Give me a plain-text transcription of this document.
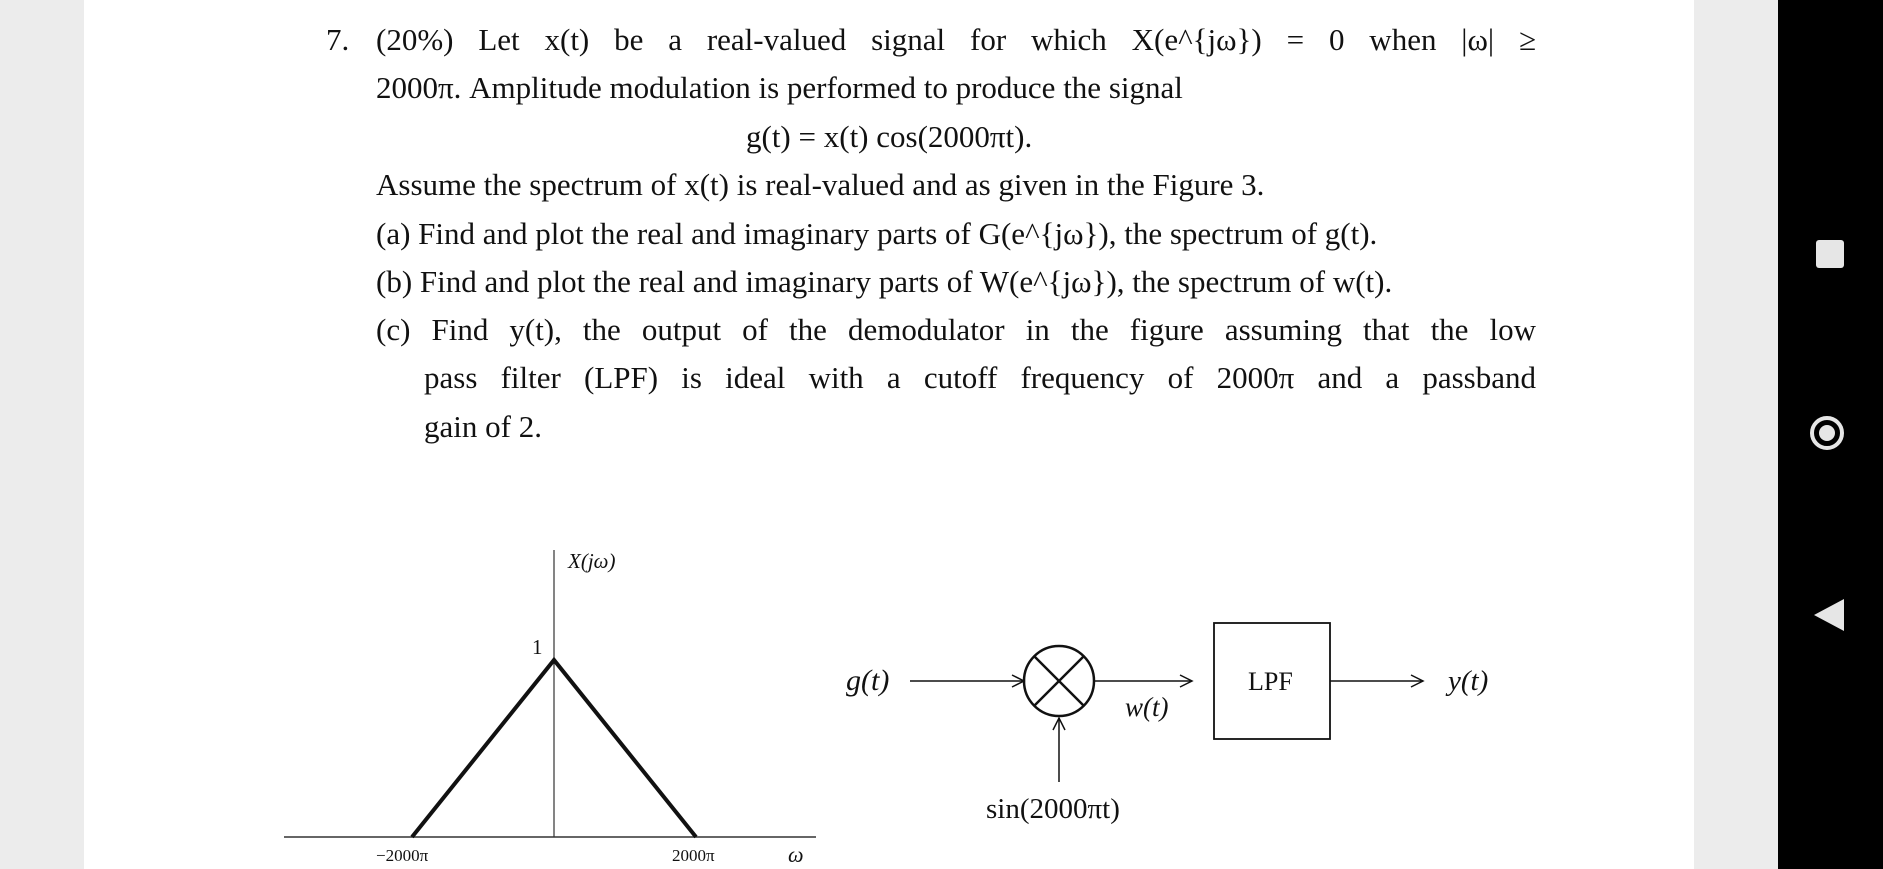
7. (20%) Let x(t) be a real-valued signal for which X(e^{jω}) = 0 when |ω| ≥
2000π. Amplitude modulation is performed to produce the signal
g(t) = x(t) cos(2000πt).
Assume the spectrum of x(t) is real-valued and as given in the Figure 3.
(a) Find and plot the real and imaginary parts of G(e^{jω}), the spectrum of g(t).
(b) Find and plot the real and imaginary parts of W(e^{jω}), the spectrum of w(t).
(c) Find y(t), the output of the demodulator in the figure assuming that the low
pass filter (LPF) is ideal with a cutoff frequency of 2000π and a passband
gain of 2.
X(jω)
1
−2000π	2000π	ω
g(t)
w(t)
sin(2000πt)
LPF	y(t)
